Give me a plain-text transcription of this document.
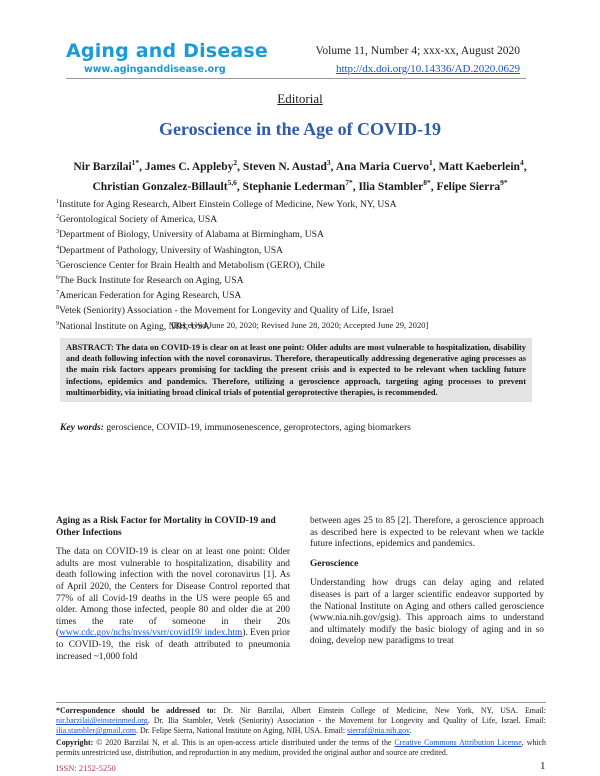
Aging and Disease
www.aginganddisease.org
Volume 11, Number 4; xxx-xx, August 2020
http://dx.doi.org/10.14336/AD.2020.0629
Editorial
Geroscience in the Age of COVID-19
Nir Barzilai$^{1*}$, James C. Appleby$^2$, Steven N. Austad$^3$, Ana Maria Cuervo$^1$, Matt Kaeberlein$^4$,
Christian Gonzalez-Billault$^{5,6}$, Stephanie Lederman$^{7*}$, Ilia Stambler$^{8*}$, Felipe Sierra$^{9*}$
$^1$Institute for Aging Research, Albert Einstein College of Medicine, New York, NY, USA
$^2$Gerontological Society of America, USA
$^3$Department of Biology, University of Alabama at Birmingham, USA
$^4$Department of Pathology, University of Washington, USA
$^5$Geroscience Center for Brain Health and Metabolism (GERO), Chile
$^6$The Buck Institute for Research on Aging, USA
$^7$American Federation for Aging Research, USA
$^8$Vetek (Seniority) Association - the Movement for Longevity and Quality of Life, Israel
$^9$National Institute on Aging, NIH, USA
[Received June 20, 2020; Revised June 28, 2020; Accepted June 29, 2020]
ABSTRACT: The data on COVID-19 is clear on at least one point: Older adults are most vulnerable to hospitalization, disability and death following infection with the novel coronavirus. Therefore, therapeutically addressing degenerative aging processes as the main risk factors appears promising for tackling the present crisis and is expected to be relevant when tackling future infections, epidemics and pandemics. Therefore, utilizing a geroscience approach, targeting aging processes to prevent multimorbidity, via initiating broad clinical trials of potential geroprotective therapies, is recommended.
Key words: geroscience, COVID-19, immunosenescence, geroprotectors, aging biomarkers
Aging as a Risk Factor for Mortality in COVID-19 and Other Infections

The data on COVID-19 is clear on at least one point: Older adults are most vulnerable to hospitalization, disability and death following infection with the novel coronavirus [1]. As of April 2020, the Centers for Disease Control reported that 77% of all Covid-19 deaths in the US were people 65 and older. Among those infected, people 80 and older die at 200 times the rate of someone in their 20s (www.cdc.gov/nchs/nvss/vsrr/covid19/ index.htm). Even prior to COVID-19, the risk of death attributed to pneumonia increased ~1,000 fold

between ages 25 to 85 [2]. Therefore, a geroscience approach as described here is expected to be relevant when we tackle future infections, epidemics and pandemics.

Geroscience

Understanding how drugs can delay aging and related diseases is part of a larger scientific endeavor supported by the National Institute on Aging and others called geroscience (www.nia.nih.gov/gsig). This approach aims to understand and ultimately modify the basic biology of aging and in so doing, develop new paradigms to treat

*Correspondence should be addressed to: Dr. Nir Barzilai, Albert Einstein College of Medicine, New York, NY, USA. Email: nir.barzilai@einsteinmed.org. Dr. Ilia Stambler, Vetek (Seniority) Association - the Movement for Longevity and Quality of Life, Israel. Email: ilia.stambler@gmail.com. Dr. Felipe Sierra, National Institute on Aging, NIH, USA. Email: sierraf@nia.nih.gov.
Copyright: © 2020 Barzilai N, et al. This is an open-access article distributed under the terms of the Creative Commons Attribution License, which permits unrestricted use, distribution, and reproduction in any medium, provided the original author and source are credited.
ISSN: 2152-5250	1
